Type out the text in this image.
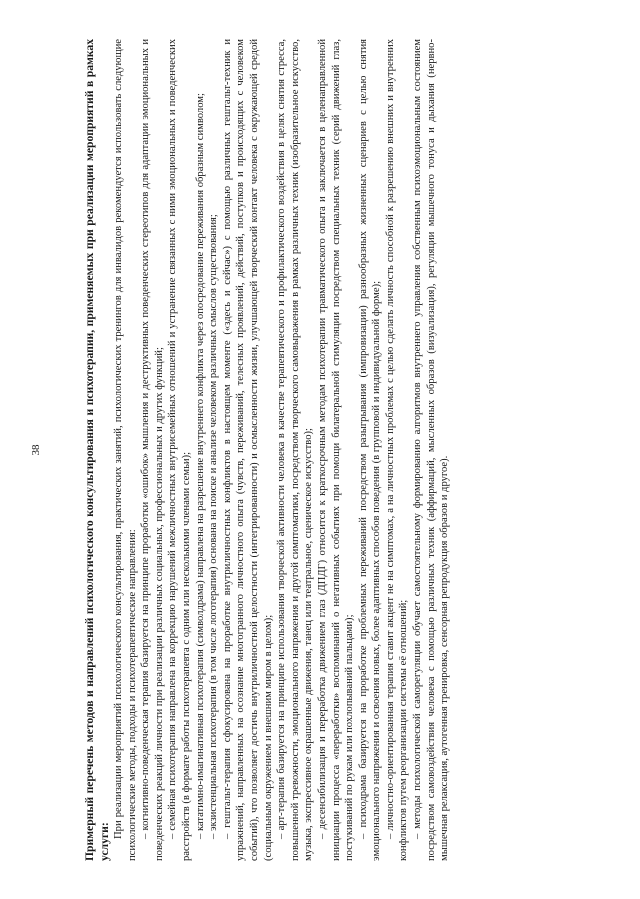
38	Примерный перечень методов и направлений психологического консультирования и психотерапии, применяемых при реализации мероприятий в рамках услуги:

При реализации мероприятий психологического консультирования, практических занятий, психологических тренингов для инвалидов рекомендуется использовать следующие психологические методы, подходы и психотерапевтические направления: – когнитивно-поведенческая терапия базируется на принципе проработки «ошибок» мышления и деструктивных поведенческих стереотипов для адаптации эмоциональных и поведенческих реакций личности при реализации различных социальных, профессиональных и других функций; – семейная психотерапия направлена на коррекцию нарушений межличностных внутрисемейных отношений и устранение связанных с ними эмоциональных и поведенческих расстройств (в формате работы психотерапевта с одним или несколькими членами семьи); – кататимно-имагинативная психотерапия (символдрама) направлена на разрешение внутреннего конфликта через опосредование переживания образным символом; – экзистенциальная психотерапия (в том числе логотерапия) основана на поиске и анализе человеком различных смыслов существования; – гештальт-терапия сфокусирована на проработке внутриличностных конфликтов в настоящем моменте («здесь и сейчас») с помощью различных гештальт-техник и упражнений, направленных на осознание многогранного личностного опыта (чувств, переживаний, телесных проявлений, действий, поступков и происходящих с человеком событий), что позволяет достичь внутриличностной целостности (интегрированности) и осмысленности жизни, улучшающей творческий контакт человека с окружающей средой (социальным окружением и внешним миром в целом); – арт-терапия базируется на принципе использования творческой активности человека в качестве терапевтического и профилактического воздействия в целях снятия стресса, повышенной тревожности, эмоционального напряжения и другой симптоматики, посредством творческого самовыражения в рамках различных техник (изобразительное искусство, музыка, экспрессивное окрашенные движения, танец или театральное, сценическое искусство); – десенсибилизация и переработка движением глаз (ДПДГ) относится к краткосрочным методам психотерапии травматического опыта и заключается в целенаправленной инициации процесса «переработки» воспоминаний о негативных событиях при помощи билатеральной стимуляции посредством специальных техник (серий движений глаз, постукиваний по рукам или похлопываний пальцами); – психодрама базируется на проработке проблемных переживаний посредством разыгрывания (импровизации) разнообразных жизненных сценариев с целью снятия эмоционального напряжения и освоения новых, более адаптивных способов поведения (в групповой и индивидуальной форме); – личностно-ориентированная терапия ставит акцент не на симптомах, а на личностных проблемах с целью сделать личность способной к разрешению внешних и внутренних конфликтов путем реорганизации системы её отношений; – методы психологической саморегуляции обучает самостоятельному формированию алгоритмов внутреннего управления собственным психоэмоциональным состоянием посредством самовоздействия человека с помощью различных техник (аффирмаций, мысленных образов (визуализация), регуляции мышечного тонуса и дыхания (нервно-мышечная релаксация, аутогенная тренировка, сенсорная репродукция образов и другое).
